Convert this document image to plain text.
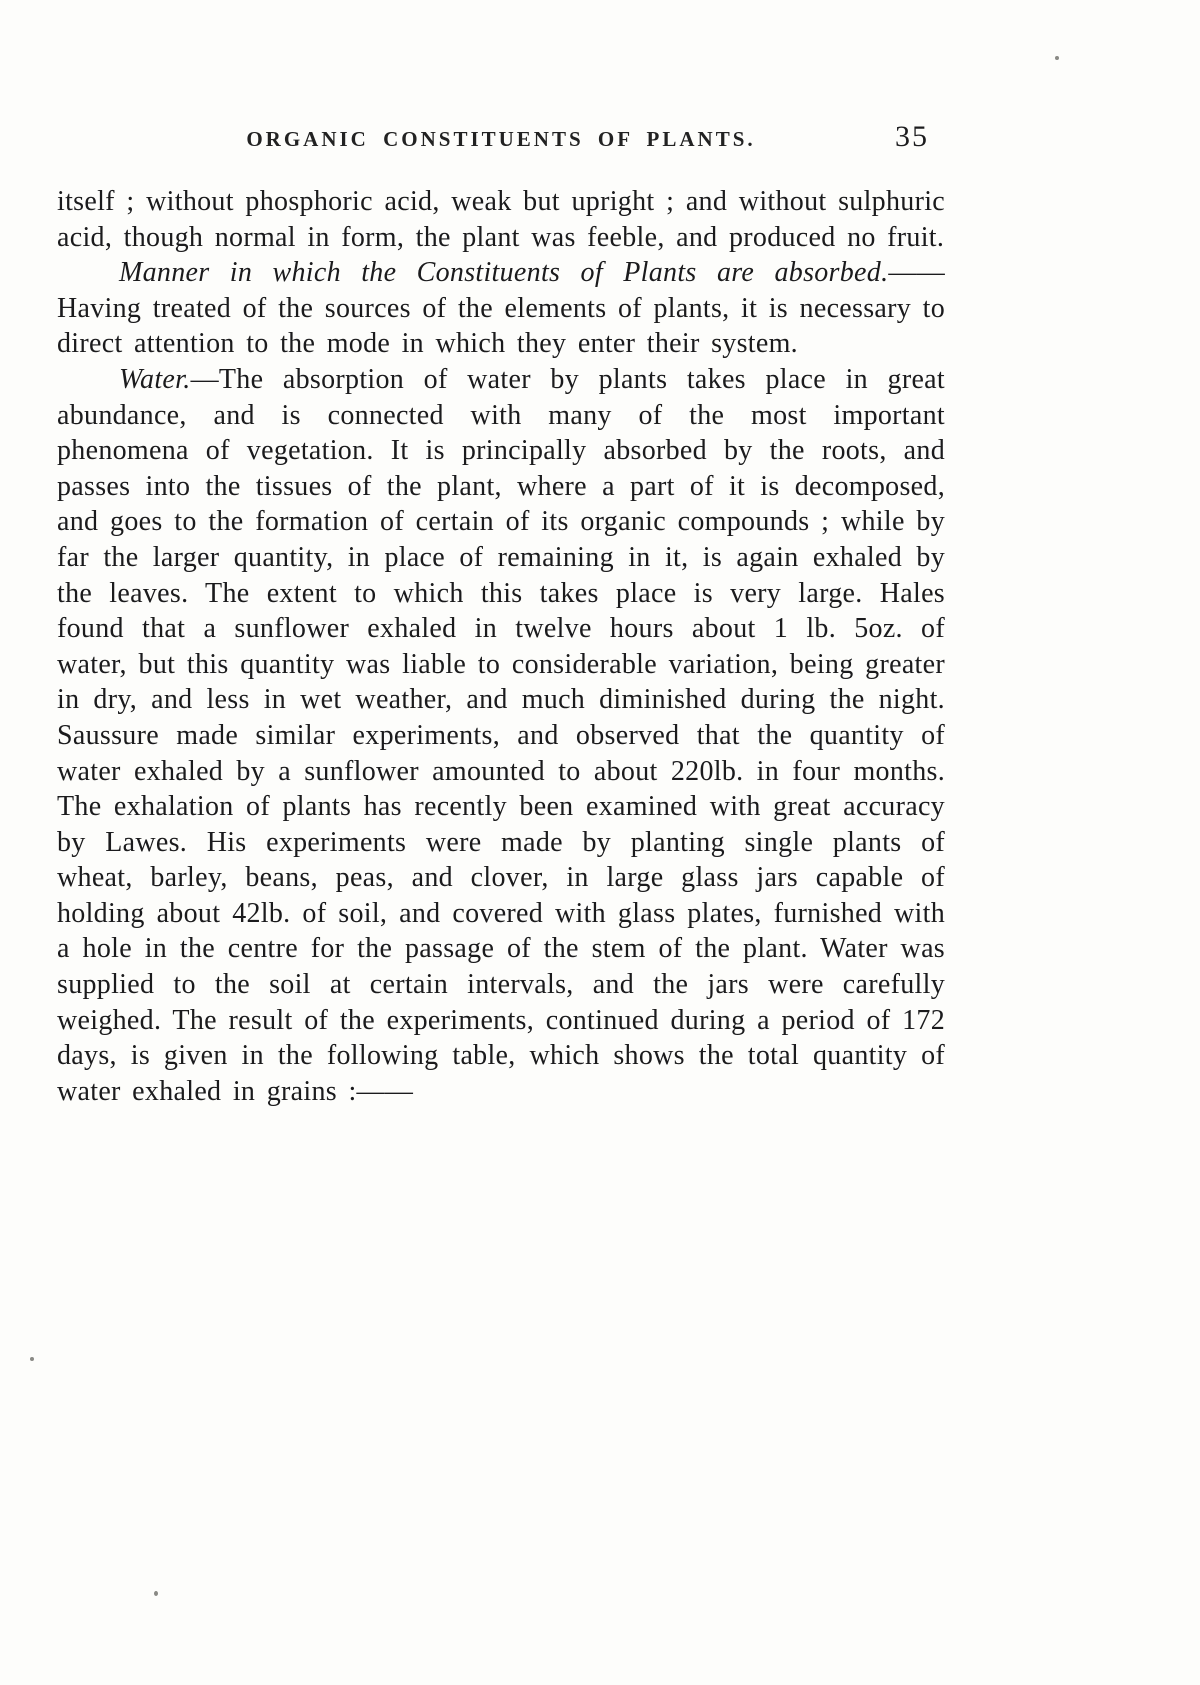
ORGANIC CONSTITUENTS OF PLANTS.	35

itself ; without phosphoric acid, weak but upright ; and without sulphuric acid, though normal in form, the plant was feeble, and produced no fruit.

Manner in which the Constituents of Plants are absorbed.——Having treated of the sources of the elements of plants, it is necessary to direct attention to the mode in which they enter their system.

Water.—The absorption of water by plants takes place in great abundance, and is connected with many of the most important phenomena of vegetation. It is principally absorbed by the roots, and passes into the tissues of the plant, where a part of it is decomposed, and goes to the formation of certain of its organic compounds ; while by far the larger quantity, in place of remaining in it, is again exhaled by the leaves. The extent to which this takes place is very large. Hales found that a sunflower exhaled in twelve hours about 1 lb. 5oz. of water, but this quantity was liable to considerable variation, being greater in dry, and less in wet weather, and much diminished during the night. Saussure made similar experiments, and observed that the quantity of water exhaled by a sunflower amounted to about 220lb. in four months. The exhalation of plants has recently been examined with great accuracy by Lawes. His experiments were made by planting single plants of wheat, barley, beans, peas, and clover, in large glass jars capable of holding about 42lb. of soil, and covered with glass plates, furnished with a hole in the centre for the passage of the stem of the plant. Water was supplied to the soil at certain intervals, and the jars were carefully weighed. The result of the experiments, continued during a period of 172 days, is given in the following table, which shows the total quantity of water exhaled in grains :——
